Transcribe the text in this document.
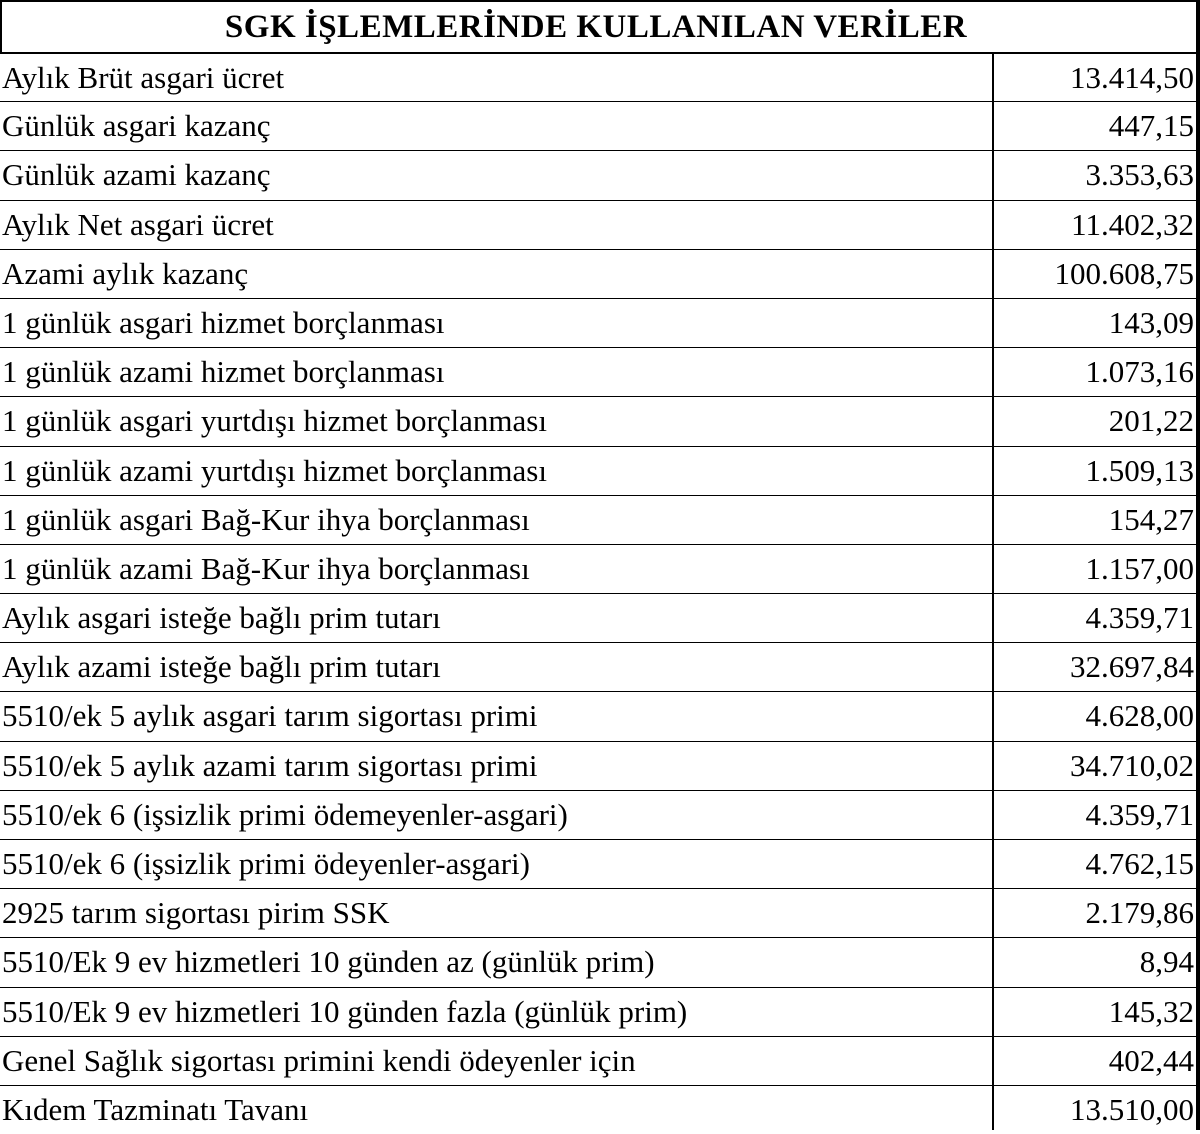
SGK İŞLEMLERİNDE KULLANILAN VERİLER
Aylık Brüt asgari ücret	13.414,50
Günlük asgari kazanç	447,15
Günlük azami kazanç	3.353,63
Aylık Net asgari ücret	11.402,32
Azami aylık kazanç	100.608,75
1 günlük asgari hizmet borçlanması	143,09
1 günlük azami hizmet borçlanması	1.073,16
1 günlük asgari yurtdışı hizmet borçlanması	201,22
1 günlük azami yurtdışı hizmet borçlanması	1.509,13
1 günlük asgari Bağ-Kur ihya borçlanması	154,27
1 günlük azami Bağ-Kur ihya borçlanması	1.157,00
Aylık asgari isteğe bağlı prim tutarı	4.359,71
Aylık azami isteğe bağlı prim tutarı	32.697,84
5510/ek 5 aylık asgari tarım sigortası primi	4.628,00
5510/ek 5 aylık azami tarım sigortası primi	34.710,02
5510/ek 6 (işsizlik primi ödemeyenler-asgari)	4.359,71
5510/ek 6 (işsizlik primi ödeyenler-asgari)	4.762,15
2925 tarım sigortası pirim SSK	2.179,86
5510/Ek 9 ev hizmetleri 10 günden az (günlük prim)	8,94
5510/Ek 9 ev hizmetleri 10 günden fazla (günlük prim)	145,32
Genel Sağlık sigortası primini kendi ödeyenler için	402,44
Kıdem Tazminatı Tavanı	13.510,00
